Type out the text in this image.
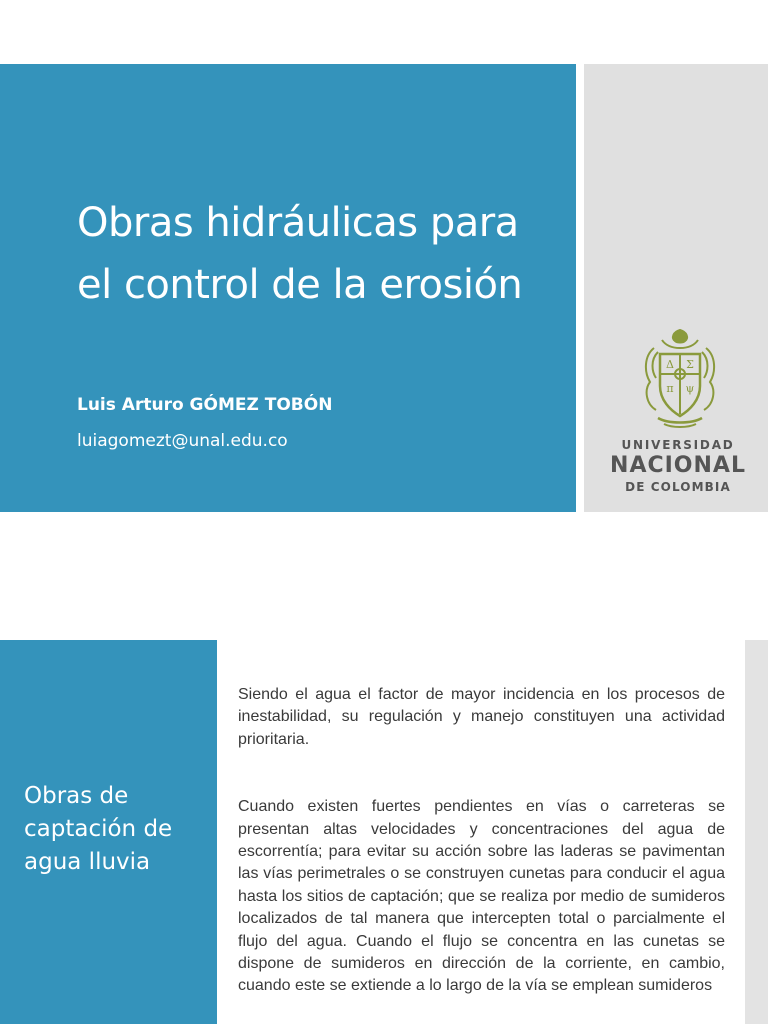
Obras hidráulicas para el control de la erosión
Luis Arturo GÓMEZ TOBÓN
luiagomezt@unal.edu.co
Δ Σ
π ψ
UNIVERSIDAD
NACIONAL
DE COLOMBIA
Obras de captación de agua lluvia

Siendo el agua el factor de mayor incidencia en los procesos de inestabilidad, su regulación y manejo constituyen una actividad prioritaria.

Cuando existen fuertes pendientes en vías o carreteras se presentan altas velocidades y concentraciones del agua de escorrentía; para evitar su acción sobre las laderas se pavimentan las vías perimetrales o se construyen cunetas para conducir el agua hasta los sitios de captación; que se realiza por medio de sumideros localizados de tal manera que intercepten total o parcialmente el flujo del agua. Cuando el flujo se concentra en las cunetas se dispone de sumideros en dirección de la corriente, en cambio, cuando este se extiende a lo largo de la vía se emplean sumideros
